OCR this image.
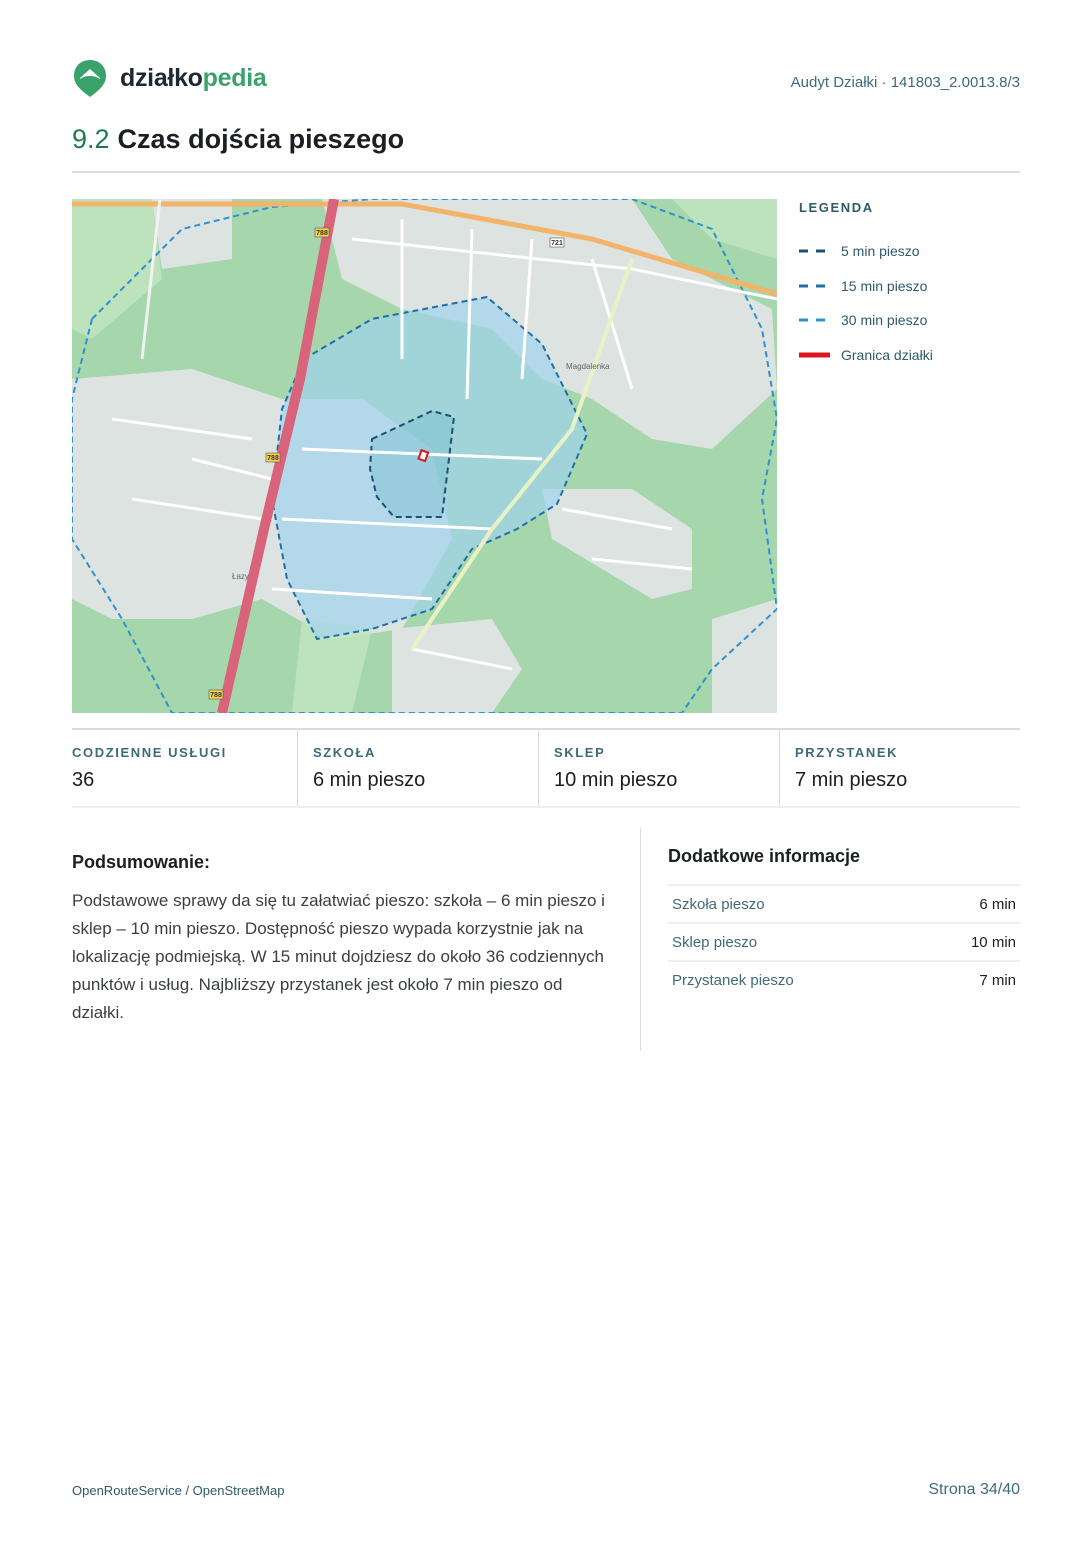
działkopedia	Audyt Działki · 141803_2.0013.8/3
9.2 Czas dojścia pieszego
788
721
788
788
Magdalenka
Łazy
LEGENDA
5 min pieszo
15 min pieszo
30 min pieszo
Granica działki
CODZIENNE USŁUGI
36
SZKOŁA
6 min pieszo
SKLEP
10 min pieszo
PRZYSTANEK
7 min pieszo
Podsumowanie:

Podstawowe sprawy da się tu załatwiać pieszo: szkoła – 6 min pieszo i sklep – 10 min pieszo. Dostępność pieszo wypada korzystnie jak na lokalizację podmiejską. W 15 minut dojdziesz do około 36 codziennych punktów i usług. Najbliższy przystanek jest około 7 min pieszo od działki.

Dodatkowe informacje
Szkoła pieszo	6 min
Sklep pieszo	10 min
Przystanek pieszo	7 min
OpenRouteService / OpenStreetMap	Strona 34/40
